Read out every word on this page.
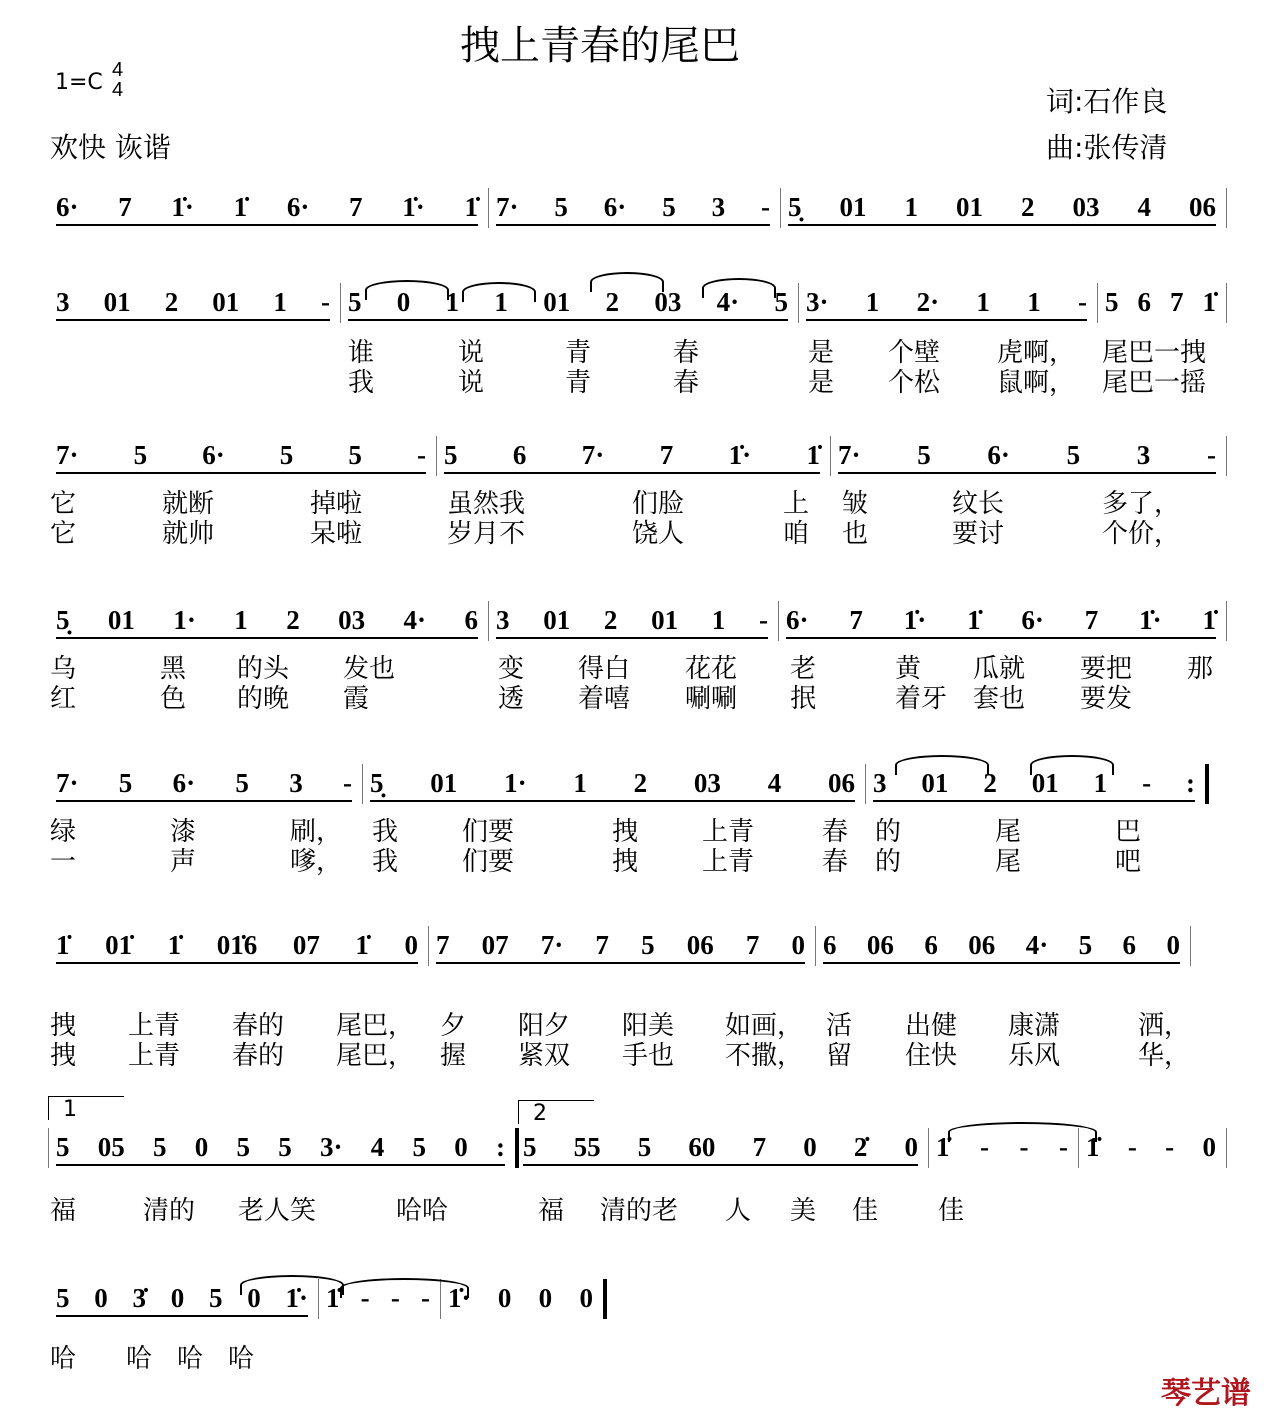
拽上青春的尾巴
1=C 4
4
欢快 诙谐
词:石作良
曲:张传清
琴艺谱
6· 7 1̇· 1̇ 6· 7 1̇· 1̇ 7· 5 6· 5 3 - 5̣ 01 1 01 2 03 4 06
3 01 2 01 1 - 5 0 1 1 01 2 03 4· 5 3· 1 2· 1 1 - 5 6 7 1̇
谁	说	青	春	是 个壁 虎啊， 尾巴一拽
我	说	青	春	是 个松 鼠啊， 尾巴一摇
7· 5 6· 5 5 - 5 6 7· 7 1̇· 1̇ 7· 5 6· 5 3 -
它	就断	掉啦	虽然我	们脸	上 皱	纹长	多了，
它	就帅	呆啦	岁月不	饶人	咱 也	要讨	个价，
5̣ 01 1· 1 2 03 4· 6 3 01 2 01 1 - 6· 7 1̇· 1̇ 6· 7 1̇· 1̇
乌	黑 的头 发也	变 得白 花花 老	黄 瓜就 要把 那
红	色 的晚 霞	透 着嘻 唰唰 抿	着牙 套也 要发
7· 5 6· 5 3 - 5̣ 01 1· 1 2 03 4 06 3 01 2 01 1 - :
绿	漆	刷， 我 们要	拽 上青	春 的	尾	巴
一	声	嗲， 我 们要	拽 上青	春 的	尾	吧
1̇ 01̇ 1̇ 01̇6 07 1̇ 0 7 07 7· 7 5 06 7 0 6 06 6 06 4· 5 6 0
拽 上青 春的 尾巴， 夕 阳夕 阳美 如画， 活 出健 康潇	洒，
拽 上青 春的 尾巴， 握 紧双 手也 不撒， 留 住快 乐风	华，
5 05 5 0 5 5 3· 4 5 0 : 5 55 5 60 7 0 2̇ 0 1̇ - - - 1̇ - - 0
福	清的 老人笑	哈哈	福 清的老 人 美 佳 佳
5 0 3̇ 0 5 0 1̇· 1̇ - - - 1̇· 0 0 0
哈 哈 哈 哈
1	2
